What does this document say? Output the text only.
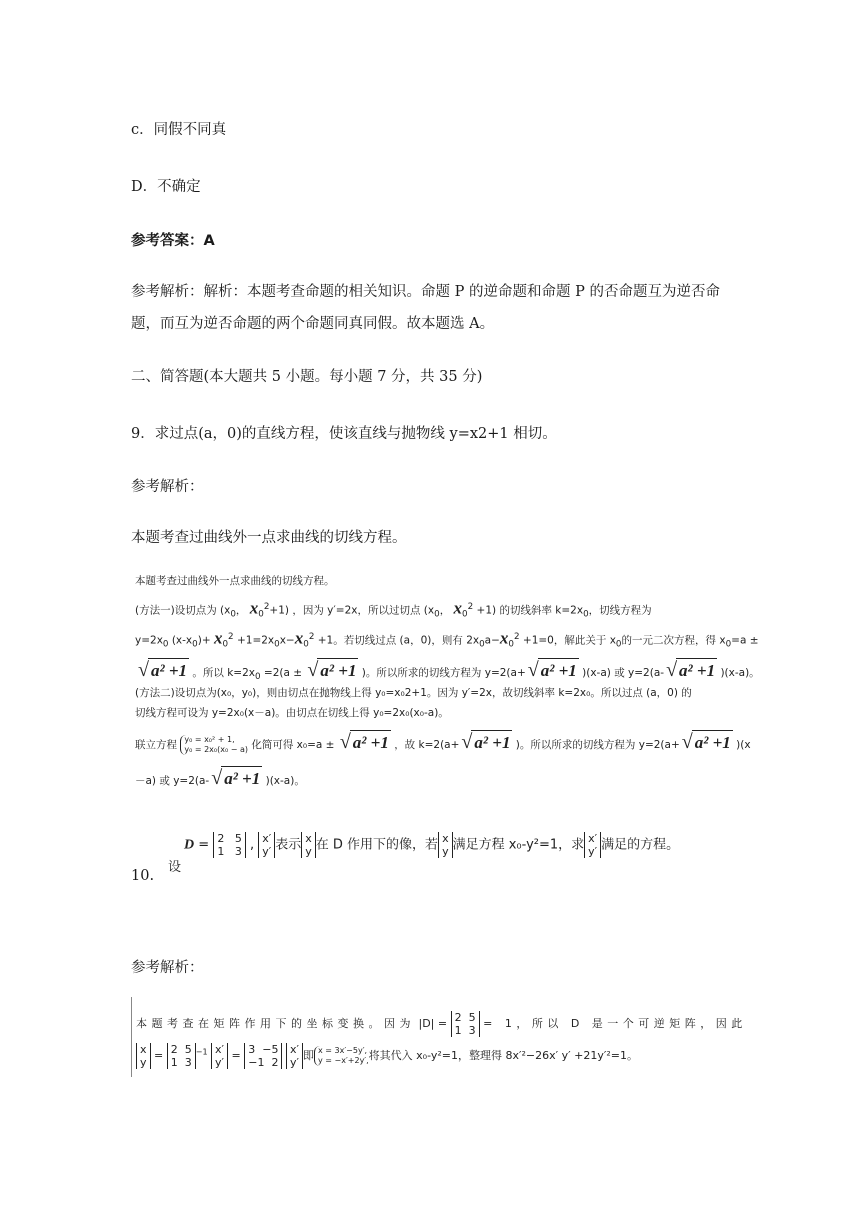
c．同假不同真
D．不确定
参考答案：A
参考解析：解析：本题考查命题的相关知识。命题 P 的逆命题和命题 P 的否命题互为逆否命题，而互为逆否命题的两个命题同真同假。故本题选 A。
二、简答题(本大题共 5 小题。每小题 7 分，共 35 分)
9．求过点(a，0)的直线方程，使该直线与抛物线 y=x2+1 相切。
参考解析：
本题考查过曲线外一点求曲线的切线方程。
本题考查过曲线外一点求曲线的切线方程。
(方法一)设切点为 ($x_0$， $x_0^2+1$) ，因为 y′=2x，所以过切点 ($x_0$， $x_0^2 +1$) 的切线斜率 $k=2x_0$，切线方程为
$y=2x_0$ $(x-x_0)+ x_0^2 +1=2x_0x-x_0^2 +1$。若切线过点 (a，0)，则有 $2x_0a-x_0^2 +1=0$，解此关于 $x_0$的一元二次方程，得 $x_0=a$ ±
√ a² +1 。所以 $k=2x_0 =2(a$ ± √ a² +1 )。所以所求的切线方程为 y=2(a+ √ a² +1 )(x-a) 或 y=2(a- √ a² +1 )(x-a)。
(方法二)设切点为(x₀，y₀)，则由切点在抛物线上得 y₀=x₀2+1。因为 y′=2x，故切线斜率 k=2x₀。所以过点 (a，0) 的
切线方程可设为 y=2x₀(x－a)。由切点在切线上得 y₀=2x₀(x₀-a)。
联立方程 y₀ = x₀² + 1,
y₀ = 2x₀(x₀ − a) 化简可得 x₀=a ± √ a² +1 ，故 k=2(a+ √ a² +1 )。所以所求的切线方程为 y=2(a+ √ a² +1 )(x
－a) 或 y=2(a- √ a² +1 )(x-a)。
设
D = 2 5
1 3 , x′
y′ 表示 x
y 在 D 作用下的像，若 x
y 满足方程 x₀-y²=1，求 x′
y′ 满足的方程。
10.
参考解析：
本题考查在矩阵作用下的坐标变换。因为 |D| = 2 5
1 3 = 1，所以 D 是一个可逆矩阵，因此
x
y = 2 5
1 $3^{-1}$ x′
y′ = 3 −5
−1 2 x′
y′即 x = 3x′−5y′,
y = −x′+2y′,将其代入 x₀-y²=1，整理得 8x′²−26x′ y′ +21y′²=1。
